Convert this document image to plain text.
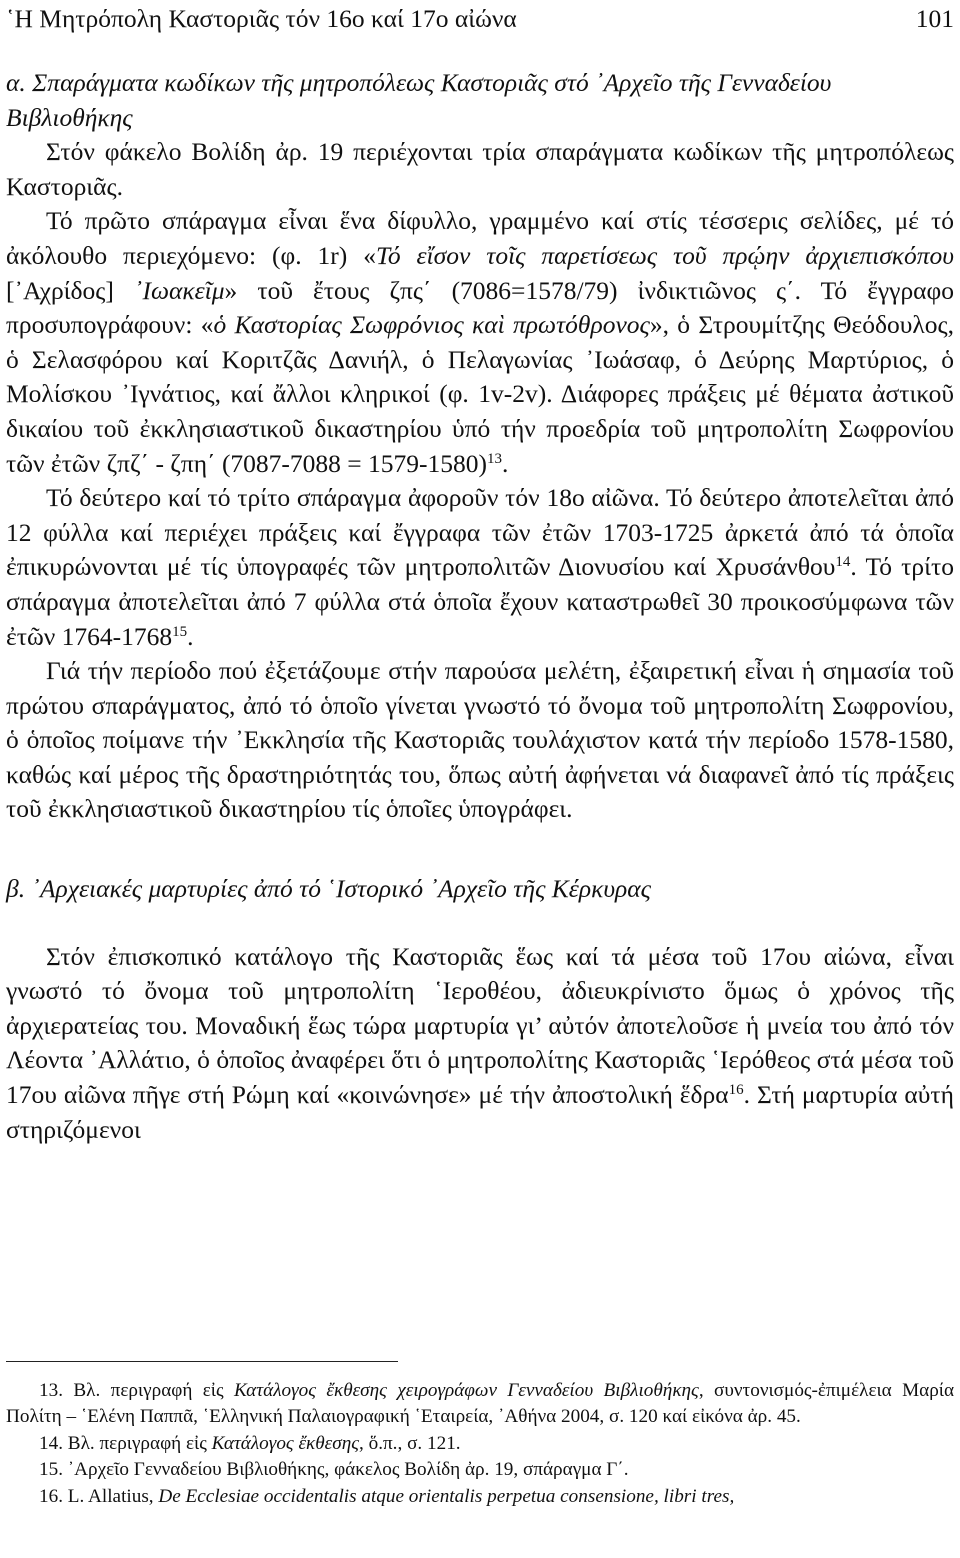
῾Η Μητρόπολη Καστοριᾶς τόν 16ο καί 17ο αἰώνα	101

α. Σπαράγματα κωδίκων τῆς μητροπόλεως Καστοριᾶς στό ᾿Αρχεῖο τῆς Γενναδείου Βιβλιοθήκης

Στόν φάκελο Βολίδη ἀρ. 19 περιέχονται τρία σπαράγματα κωδίκων τῆς μητροπόλεως Καστοριᾶς.

Τό πρῶτο σπάραγμα εἶναι ἕνα δίφυλλο, γραμμένο καί στίς τέσσερις σελίδες, μέ τό ἀκόλουθο περιεχόμενο: (φ. 1r) «Τό εἴσον τοῖς παρετίσεως τοῦ πρῴην ἀρχιεπισκόπου [᾿Αχρίδος] ᾿Ιωακεῖμ» τοῦ ἔτους ζπς΄ (7086=1578/79) ἰνδικτιῶνος ς΄. Τό ἔγγραφο προσυπογράφουν: «ὁ Καστορίας Σωφρόνιος καὶ πρωτόθρονος», ὁ Στρουμίτζης Θεόδουλος, ὁ Σελασφόρου καί Κοριτζᾶς Δανιήλ, ὁ Πελαγωνίας ᾿Ιωάσαφ, ὁ Δεύρης Μαρτύριος, ὁ Μολίσκου ᾿Ιγνάτιος, καί ἄλλοι κληρικοί (φ. 1v-2v). Διάφορες πράξεις μέ θέματα ἀστικοῦ δικαίου τοῦ ἐκκλησιαστικοῦ δικαστηρίου ὑπό τήν προεδρία τοῦ μητροπολίτη Σωφρονίου τῶν ἐτῶν ζπζ΄ - ζπη΄ (7087-7088 = 1579-1580)$^{13}$.

Τό δεύτερο καί τό τρίτο σπάραγμα ἀφοροῦν τόν 18ο αἰῶνα. Τό δεύτερο ἀποτελεῖται ἀπό 12 φύλλα καί περιέχει πράξεις καί ἔγγραφα τῶν ἐτῶν 1703-1725 ἀρκετά ἀπό τά ὁποῖα ἐπικυρώνονται μέ τίς ὑπογραφές τῶν μητροπολιτῶν Διονυσίου καί Χρυσάνθου$^{14}$. Τό τρίτο σπάραγμα ἀποτελεῖται ἀπό 7 φύλλα στά ὁποῖα ἔχουν καταστρωθεῖ 30 προικοσύμφωνα τῶν ἐτῶν 1764-1768$^{15}$.

Γιά τήν περίοδο πού ἐξετάζουμε στήν παρούσα μελέτη, ἐξαιρετική εἶναι ἡ σημασία τοῦ πρώτου σπαράγματος, ἀπό τό ὁποῖο γίνεται γνωστό τό ὄνομα τοῦ μητροπολίτη Σωφρονίου, ὁ ὁποῖος ποίμανε τήν ᾿Εκκλησία τῆς Καστοριᾶς τουλάχιστον κατά τήν περίοδο 1578-1580, καθώς καί μέρος τῆς δραστηριότητάς του, ὅπως αὐτή ἀφήνεται νά διαφανεῖ ἀπό τίς πράξεις τοῦ ἐκκλησιαστικοῦ δικαστηρίου τίς ὁποῖες ὑπογράφει.

β. ᾿Αρχειακές μαρτυρίες ἀπό τό ῾Ιστορικό ᾿Αρχεῖο τῆς Κέρκυρας

Στόν ἐπισκοπικό κατάλογο τῆς Καστοριᾶς ἕως καί τά μέσα τοῦ 17ου αἰώνα, εἶναι γνωστό τό ὄνομα τοῦ μητροπολίτη ῾Ιεροθέου, ἀδιευκρίνιστο ὅμως ὁ χρόνος τῆς ἀρχιερατείας του. Μοναδική ἕως τώρα μαρτυρία γι’ αὐτόν ἀποτελοῦσε ἡ μνεία του ἀπό τόν Λέοντα ᾿Αλλάτιο, ὁ ὁποῖος ἀναφέρει ὅτι ὁ μητροπολίτης Καστοριᾶς ῾Ιερόθεος στά μέσα τοῦ 17ου αἰῶνα πῆγε στή Ρώμη καί «κοινώνησε» μέ τήν ἀποστολική ἕδρα$^{16}$. Στή μαρτυρία αὐτή στηριζόμενοι

13. Βλ. περιγραφή εἰς Κατάλογος ἔκθεσης χειρογράφων Γενναδείου Βιβλιοθήκης, συντονισμός-ἐπιμέλεια Μαρία Πολίτη – ῾Ελένη Παππᾶ, ῾Ελληνική Παλαιογραφική ῾Εταιρεία, ᾿Αθήνα 2004, σ. 120 καί εἰκόνα ἀρ. 45.

14. Βλ. περιγραφή εἰς Κατάλογος ἔκθεσης, ὅ.π., σ. 121.

15. ᾿Αρχεῖο Γενναδείου Βιβλιοθήκης, φάκελος Βολίδη ἀρ. 19, σπάραγμα Γ΄.

16. L. Allatius, De Ecclesiae occidentalis atque orientalis perpetua consensione, libri tres,
